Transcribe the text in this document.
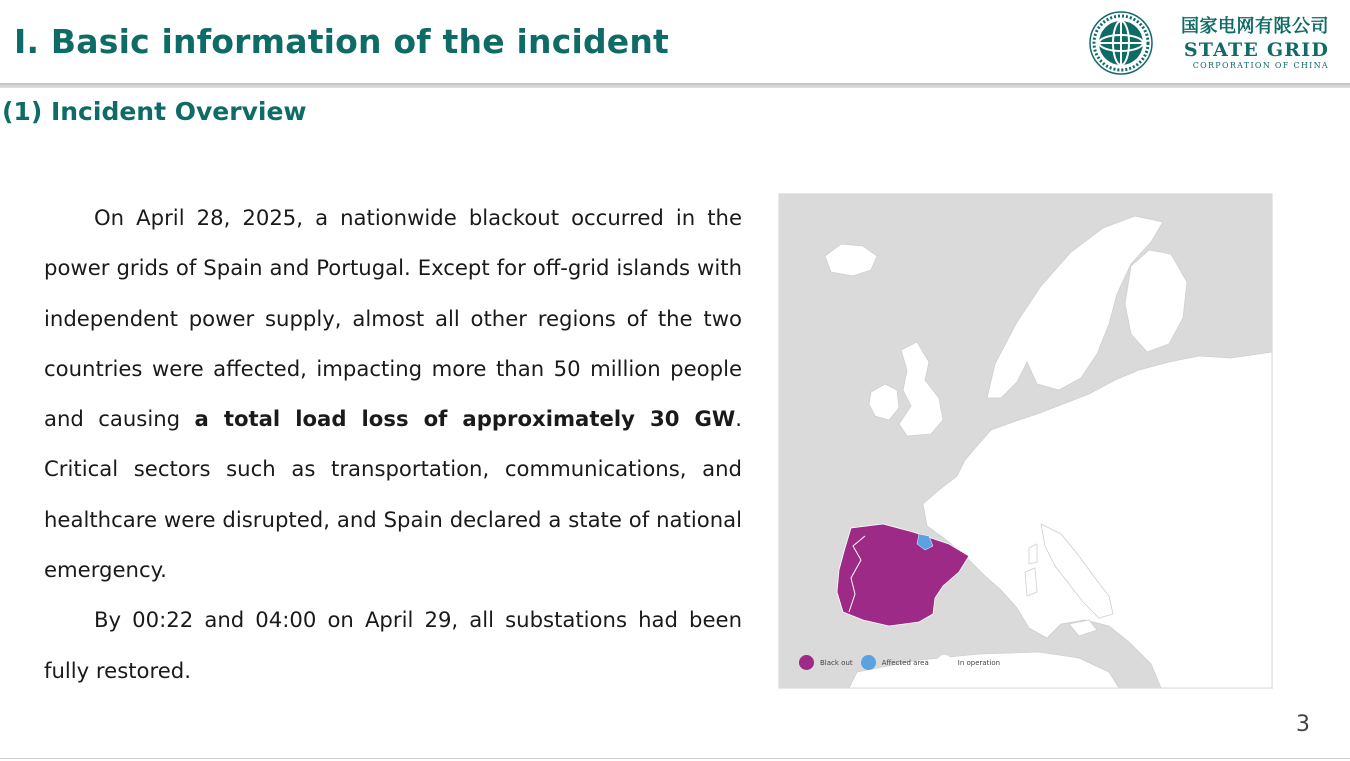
I. Basic information of the incident	国家电网有限公司
STATE GRID
CORPORATION OF CHINA
(1) Incident Overview

On April 28, 2025, a nationwide blackout occurred in the power grids of Spain and Portugal. Except for off-grid islands with independent power supply, almost all other regions of the two countries were affected, impacting more than 50 million people and causing a total load loss of approximately 30 GW. Critical sectors such as transportation, communications, and healthcare were disrupted, and Spain declared a state of national emergency.

By 00:22 and 04:00 on April 29, all substations had been fully restored.	Black out	Affected area	In operation
3
